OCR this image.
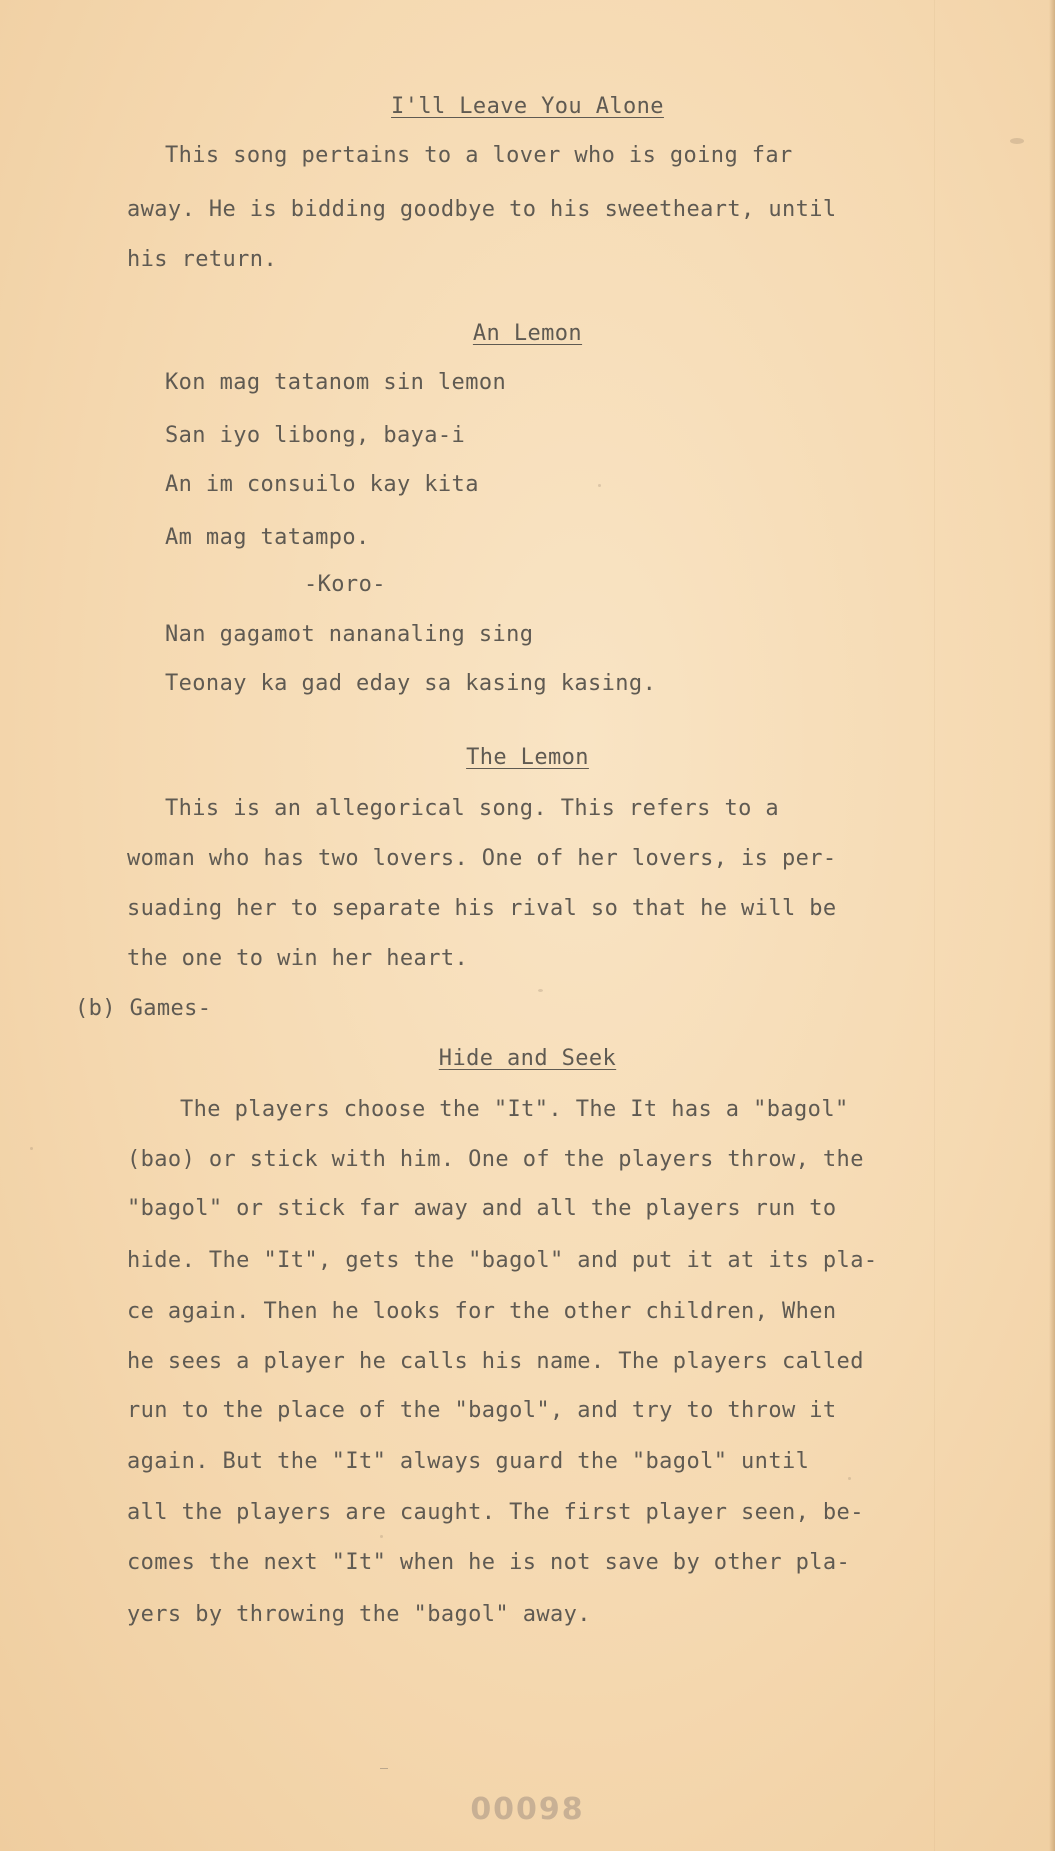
I'll Leave You Alone

This song pertains to a lover who is going far

away. He is bidding goodbye to his sweetheart, until

his return.

An Lemon

Kon mag tatanom sin lemon

San iyo libong, baya-i

An im consuilo kay kita

Am mag tatampo.

-Koro-

Nan gagamot nananaling sing

Teonay ka gad eday sa kasing kasing.

The Lemon

This is an allegorical song. This refers to a

woman who has two lovers. One of her lovers, is per-

suading her to separate his rival so that he will be

the one to win her heart.

(b) Games-

Hide and Seek

The players choose the "It". The It has a "bagol"

(bao) or stick with him. One of the players throw, the

"bagol" or stick far away and all the players run to

hide. The "It", gets the "bagol" and put it at its pla-

ce again. Then he looks for the other children, When

he sees a player he calls his name. The players called

run to the place of the "bagol", and try to throw it

again. But the "It" always guard the "bagol" until

all the players are caught. The first player seen, be-

comes the next "It" when he is not save by other pla-

yers by throwing the "bagol" away.

00098
